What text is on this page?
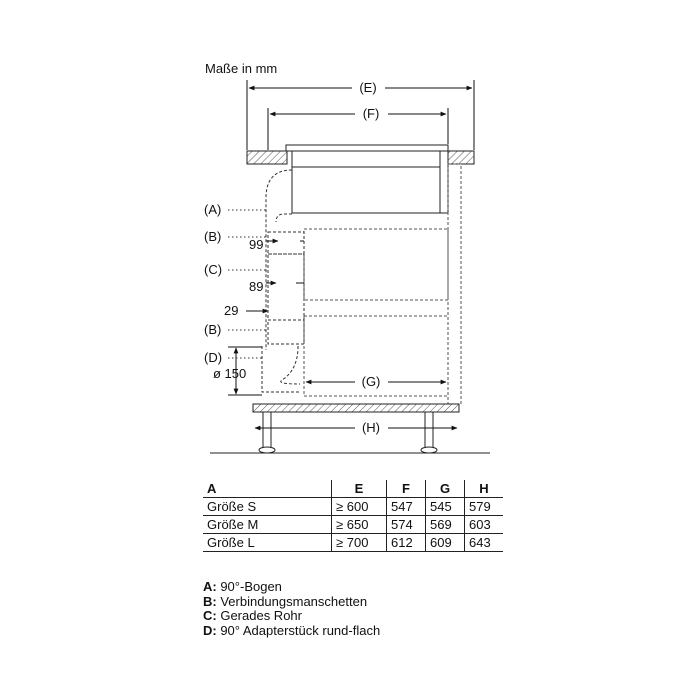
Maße in mm
(E)
(F)
(G)
(H)
99
89
29
ø 150
(A)
(B)
(C)
(B)
(D)
A	E	F	G	H
Größe S	≥ 600	547	545	579
Größe M	≥ 650	574	569	603
Größe L	≥ 700	612	609	643
A: 90°-Bogen
B: Verbindungsmanschetten
C: Gerades Rohr
D: 90° Adapterstück rund-flach
